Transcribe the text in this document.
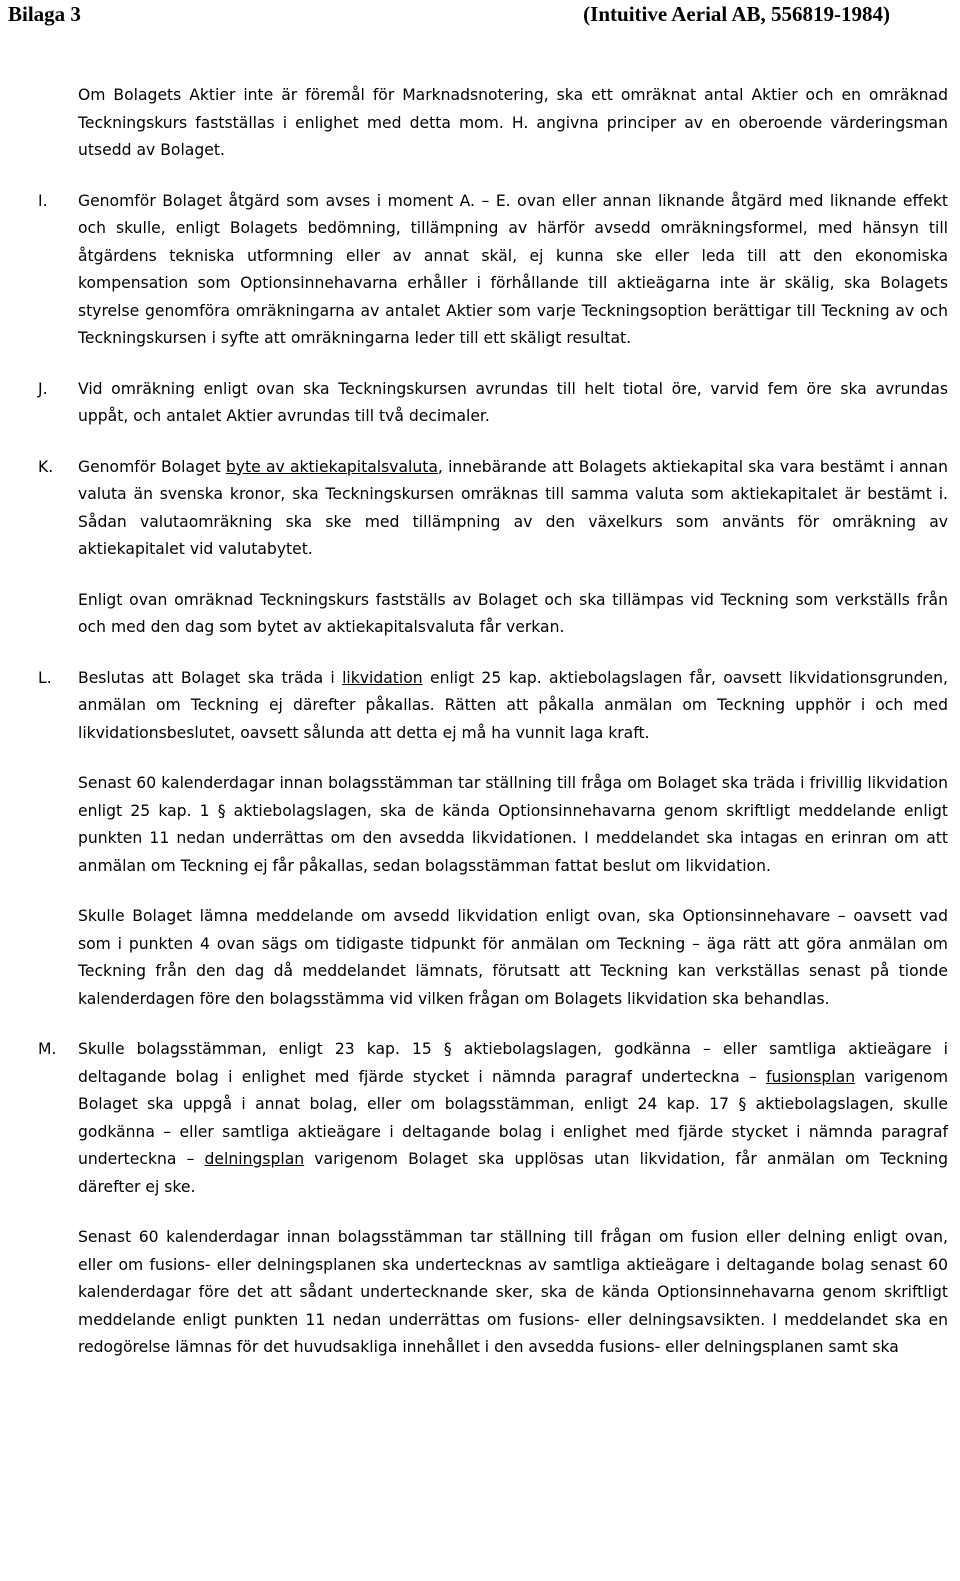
Bilaga 3	(Intuitive Aerial AB, 556819-1984)

Om Bolagets Aktier inte är föremål för Marknadsnotering, ska ett omräknat antal Aktier och en omräknad Teckningskurs fastställas i enlighet med detta mom. H. angivna principer av en oberoende värderingsman utsedd av Bolaget.

I. Genomför Bolaget åtgärd som avses i moment A. – E. ovan eller annan liknande åtgärd med liknande effekt och skulle, enligt Bolagets bedömning, tillämpning av härför avsedd omräkningsformel, med hänsyn till åtgärdens tekniska utformning eller av annat skäl, ej kunna ske eller leda till att den ekonomiska kompensation som Optionsinnehavarna erhåller i förhållande till aktieägarna inte är skälig, ska Bolagets styrelse genomföra omräkningarna av antalet Aktier som varje Teckningsoption berättigar till Teckning av och Teckningskursen i syfte att omräkningarna leder till ett skäligt resultat.
J. Vid omräkning enligt ovan ska Teckningskursen avrundas till helt tiotal öre, varvid fem öre ska avrundas uppåt, och antalet Aktier avrundas till två decimaler.
K. Genomför Bolaget byte av aktiekapitalsvaluta, innebärande att Bolagets aktiekapital ska vara bestämt i annan valuta än svenska kronor, ska Teckningskursen omräknas till samma valuta som aktiekapitalet är bestämt i. Sådan valutaomräkning ska ske med tillämpning av den växelkurs som använts för omräkning av aktiekapitalet vid valutabytet.

Enligt ovan omräknad Teckningskurs fastställs av Bolaget och ska tillämpas vid Teckning som verkställs från och med den dag som bytet av aktiekapitalsvaluta får verkan.

L. Beslutas att Bolaget ska träda i likvidation enligt 25 kap. aktiebolagslagen får, oavsett likvidationsgrunden, anmälan om Teckning ej därefter påkallas. Rätten att påkalla anmälan om Teckning upphör i och med likvidationsbeslutet, oavsett sålunda att detta ej må ha vunnit laga kraft.

Senast 60 kalenderdagar innan bolagsstämman tar ställning till fråga om Bolaget ska träda i frivillig likvidation enligt 25 kap. 1 § aktiebolagslagen, ska de kända Optionsinnehavarna genom skriftligt meddelande enligt punkten 11 nedan underrättas om den avsedda likvidationen. I meddelandet ska intagas en erinran om att anmälan om Teckning ej får påkallas, sedan bolagsstämman fattat beslut om likvidation.

Skulle Bolaget lämna meddelande om avsedd likvidation enligt ovan, ska Optionsinnehavare – oavsett vad som i punkten 4 ovan sägs om tidigaste tidpunkt för anmälan om Teckning – äga rätt att göra anmälan om Teckning från den dag då meddelandet lämnats, förutsatt att Teckning kan verkställas senast på tionde kalenderdagen före den bolagsstämma vid vilken frågan om Bolagets likvidation ska behandlas.

M. Skulle bolagsstämman, enligt 23 kap. 15 § aktiebolagslagen, godkänna – eller samtliga aktieägare i deltagande bolag i enlighet med fjärde stycket i nämnda paragraf underteckna – fusionsplan varigenom Bolaget ska uppgå i annat bolag, eller om bolagsstämman, enligt 24 kap. 17 § aktiebolagslagen, skulle godkänna – eller samtliga aktieägare i deltagande bolag i enlighet med fjärde stycket i nämnda paragraf underteckna – delningsplan varigenom Bolaget ska upplösas utan likvidation, får anmälan om Teckning därefter ej ske.

Senast 60 kalenderdagar innan bolagsstämman tar ställning till frågan om fusion eller delning enligt ovan, eller om fusions- eller delningsplanen ska undertecknas av samtliga aktieägare i deltagande bolag senast 60 kalenderdagar före det att sådant undertecknande sker, ska de kända Optionsinnehavarna genom skriftligt meddelande enligt punkten 11 nedan underrättas om fusions- eller delningsavsikten. I meddelandet ska en redogörelse lämnas för det huvudsakliga innehållet i den avsedda fusions- eller delningsplanen samt ska
